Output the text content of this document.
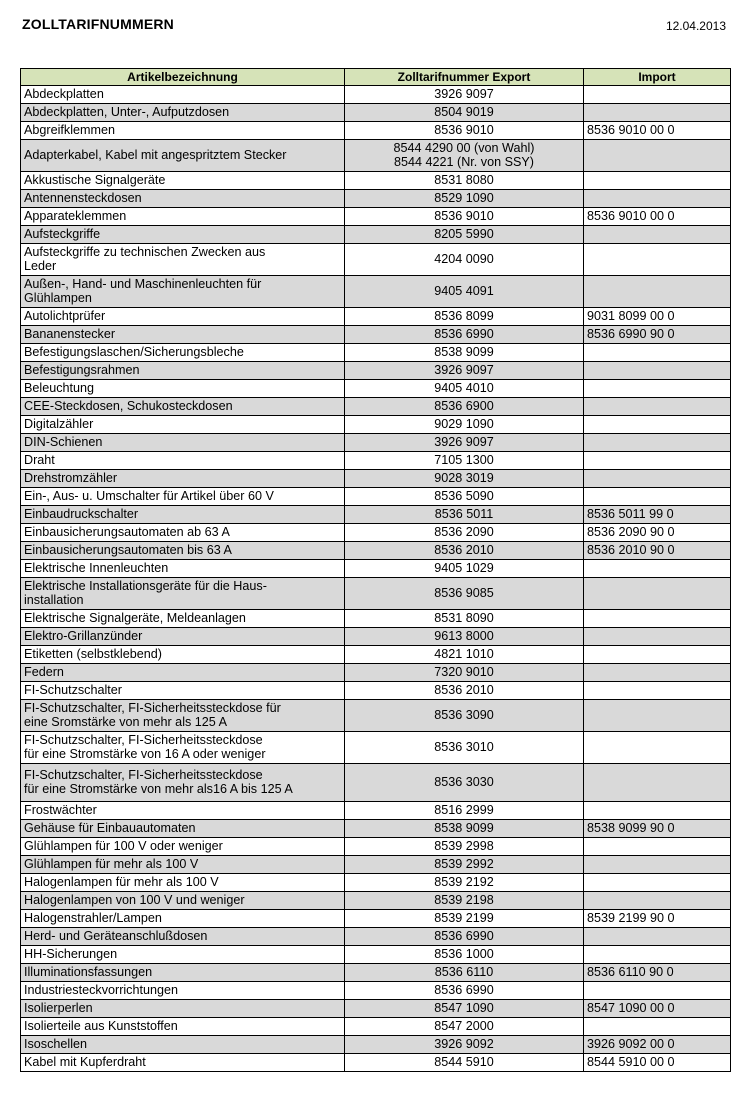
ZOLLTARIFNUMMERN	12.04.2013
Artikelbezeichnung	Zolltarifnummer Export	Import
Abdeckplatten	3926 9097	
Abdeckplatten, Unter-, Aufputzdosen	8504 9019	
Abgreifklemmen	8536 9010	8536 9010 00 0
Adapterkabel, Kabel mit angespritztem Stecker	8544 4290 00 (von Wahl)
8544 4221 (Nr. von SSY)	

Akkustische Signalgeräte	8531 8080	
Antennensteckdosen	8529 1090	
Apparateklemmen	8536 9010	8536 9010 00 0
Aufsteckgriffe	8205 5990	

Aufsteckgriffe zu technischen Zwecken aus
Leder	4204 0090	

Außen-, Hand- und Maschinenleuchten für
Glühlampen	9405 4091	
Autolichtprüfer	8536 8099	9031 8099 00 0
Bananenstecker	8536 6990	8536 6990 90 0
Befestigungslaschen/Sicherungsbleche	8538 9099	
Befestigungsrahmen	3926 9097	
Beleuchtung	9405 4010	
CEE-Steckdosen, Schukosteckdosen	8536 6900	
Digitalzähler	9029 1090	
DIN-Schienen	3926 9097	
Draht	7105 1300	
Drehstromzähler	9028 3019	
Ein-, Aus- u. Umschalter für Artikel über 60 V	8536 5090	
Einbaudruckschalter	8536 5011	8536 5011 99 0
Einbausicherungsautomaten ab 63 A	8536 2090	8536 2090 90 0
Einbausicherungsautomaten bis 63 A	8536 2010	8536 2010 90 0
Elektrische Innenleuchten	9405 1029	

Elektrische Installationsgeräte für die Haus-
installation	8536 9085	
Elektrische Signalgeräte, Meldeanlagen	8531 8090	
Elektro-Grillanzünder	9613 8000	
Etiketten (selbstklebend)	4821 1010	
Federn	7320 9010	
FI-Schutzschalter	8536 2010	

FI-Schutzschalter, FI-Sicherheitssteckdose für
eine Sromstärke von mehr als 125 A	8536 3090	

FI-Schutzschalter, FI-Sicherheitssteckdose
für eine Stromstärke von 16 A oder weniger	8536 3010	

FI-Schutzschalter, FI-Sicherheitssteckdose
für eine Stromstärke von mehr als16 A bis 125 A	8536 3030	
Frostwächter	8516 2999	
Gehäuse für Einbauautomaten	8538 9099	8538 9099 90 0
Glühlampen für 100 V oder weniger	8539 2998	
Glühlampen für mehr als 100 V	8539 2992	
Halogenlampen für mehr als 100 V	8539 2192	
Halogenlampen von 100 V und weniger	8539 2198	
Halogenstrahler/Lampen	8539 2199	8539 2199 90 0
Herd- und Geräteanschlußdosen	8536 6990	
HH-Sicherungen	8536 1000	
Illuminationsfassungen	8536 6110	8536 6110 90 0
Industriesteckvorrichtungen	8536 6990	
Isolierperlen	8547 1090	8547 1090 00 0
Isolierteile aus Kunststoffen	8547 2000	
Isoschellen	3926 9092	3926 9092 00 0
Kabel mit Kupferdraht	8544 5910	8544 5910 00 0
